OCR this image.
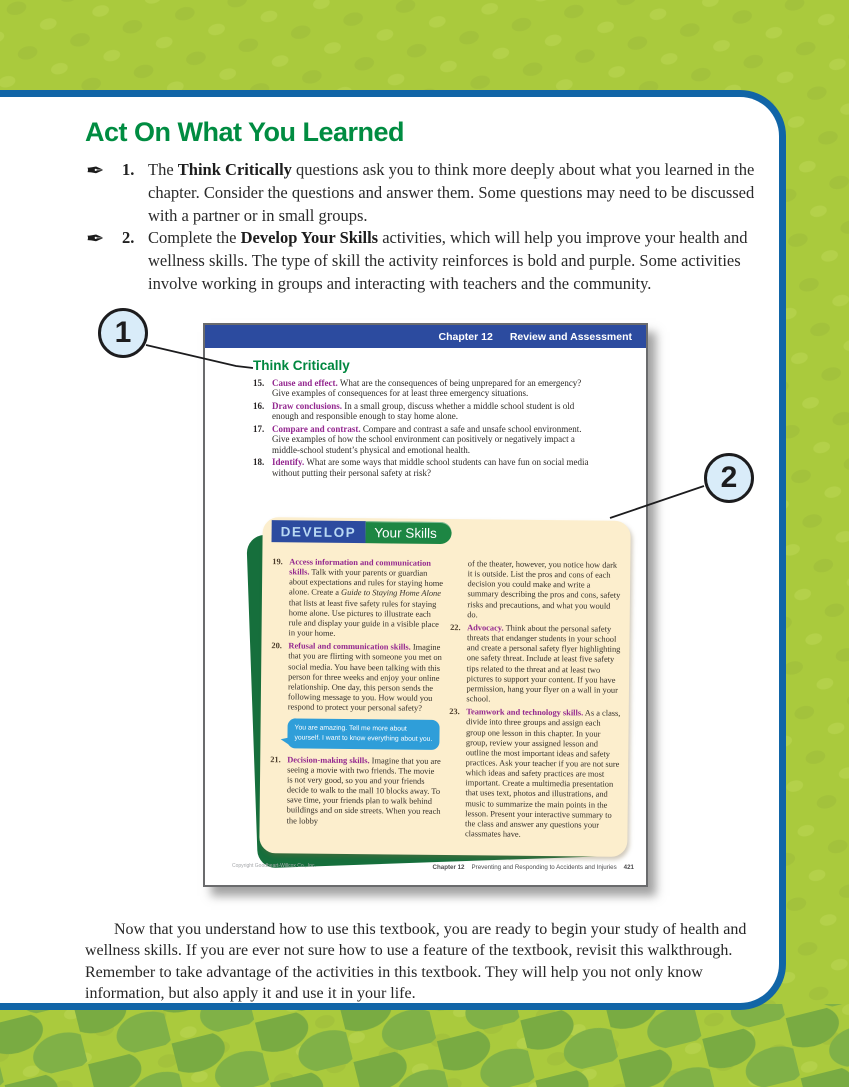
Act On What You Learned
✒	1. The Think Critically questions ask you to think more deeply about what you learned in the chapter. Consider the questions and answer them. Some questions may need to be discussed with a partner or in small groups.
✒	2. Complete the Develop Your Skills activities, which will help you improve your health and wellness skills. The type of skill the activity reinforces is bold and purple. Some activities involve working in groups and interacting with teachers and the community.
Chapter 12 Review and Assessment
Think Critically
15. Cause and effect. What are the consequences of being unprepared for an emergency? Give examples of consequences for at least three emergency situations.
16. Draw conclusions. In a small group, discuss whether a middle school student is old enough and responsible enough to stay home alone.
17. Compare and contrast. Compare and contrast a safe and unsafe school environment. Give examples of how the school environment can positively or negatively impact a middle-school student’s physical and emotional health.
18. Identify. What are some ways that middle school students can have fun on social media without putting their personal safety at risk?
DEVELOP	Your Skills
19. Access information and communication skills. Talk with your parents or guardian about expectations and rules for staying home alone. Create a Guide to Staying Home Alone that lists at least five safety rules for staying home alone. Use pictures to illustrate each rule and display your guide in a visible place in your home.
20. Refusal and communication skills. Imagine that you are flirting with someone you met on social media. You have been talking with this person for three weeks and enjoy your online relationship. One day, this person sends the following message to you. How would you respond to protect your personal safety?
You are amazing. Tell me more about yourself. I want to know everything about you.
21. Decision-making skills. Imagine that you are seeing a movie with two friends. The movie is not very good, so you and your friends decide to walk to the mall 10 blocks away. To save time, your friends plan to walk behind buildings and on side streets. When you reach the lobby
of the theater, however, you notice how dark it is outside. List the pros and cons of each decision you could make and write a summary describing the pros and cons, safety risks and precautions, and what you would do.
22. Advocacy. Think about the personal safety threats that endanger students in your school and create a personal safety flyer highlighting one safety threat. Include at least five safety tips related to the threat and at least two pictures to support your content. If you have permission, hang your flyer on a wall in your school.
23. Teamwork and technology skills. As a class, divide into three groups and assign each group one lesson in this chapter. In your group, review your assigned lesson and outline the most important ideas and safety practices. Ask your teacher if you are not sure which ideas and safety practices are most important. Create a multimedia presentation that uses text, photos and illustrations, and music to summarize the main points in the lesson. Present your interactive summary to the class and answer any questions your classmates have.
Copyright Goodheart-Willcox Co., Inc.	Chapter 12 Preventing and Responding to Accidents and Injuries 421
Now that you understand how to use this textbook, you are ready to begin your study of health and wellness skills. If you are ever not sure how to use a feature of the textbook, revisit this walkthrough. Remember to take advantage of the activities in this textbook. They will help you not only know information, but also apply it and use it in your life.
1
2
